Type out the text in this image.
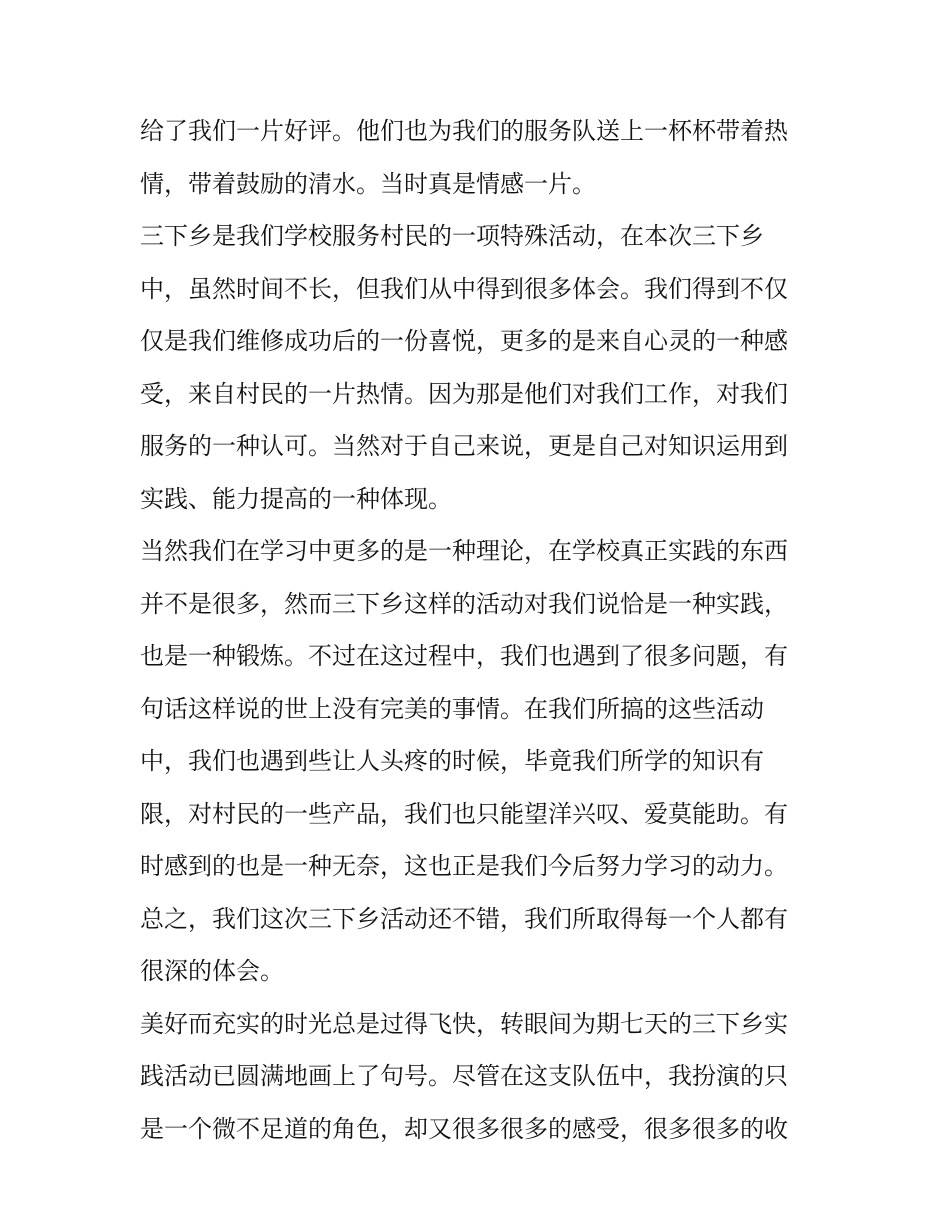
给了我们一片好评。他们也为我们的服务队送上一杯杯带着热
情，带着鼓励的清水。当时真是情感一片。
三下乡是我们学校服务村民的一项特殊活动，在本次三下乡
中，虽然时间不长，但我们从中得到很多体会。我们得到不仅
仅是我们维修成功后的一份喜悦，更多的是来自心灵的一种感
受，来自村民的一片热情。因为那是他们对我们工作，对我们
服务的一种认可。当然对于自己来说，更是自己对知识运用到
实践、能力提高的一种体现。
当然我们在学习中更多的是一种理论，在学校真正实践的东西
并不是很多，然而三下乡这样的活动对我们说恰是一种实践，
也是一种锻炼。不过在这过程中，我们也遇到了很多问题，有
句话这样说的世上没有完美的事情。在我们所搞的这些活动
中，我们也遇到些让人头疼的时候，毕竟我们所学的知识有
限，对村民的一些产品，我们也只能望洋兴叹、爱莫能助。有
时感到的也是一种无奈，这也正是我们今后努力学习的动力。
总之，我们这次三下乡活动还不错，我们所取得每一个人都有
很深的体会。
美好而充实的时光总是过得飞快，转眼间为期七天的三下乡实
践活动已圆满地画上了句号。尽管在这支队伍中，我扮演的只
是一个微不足道的角色，却又很多很多的感受，很多很多的收
